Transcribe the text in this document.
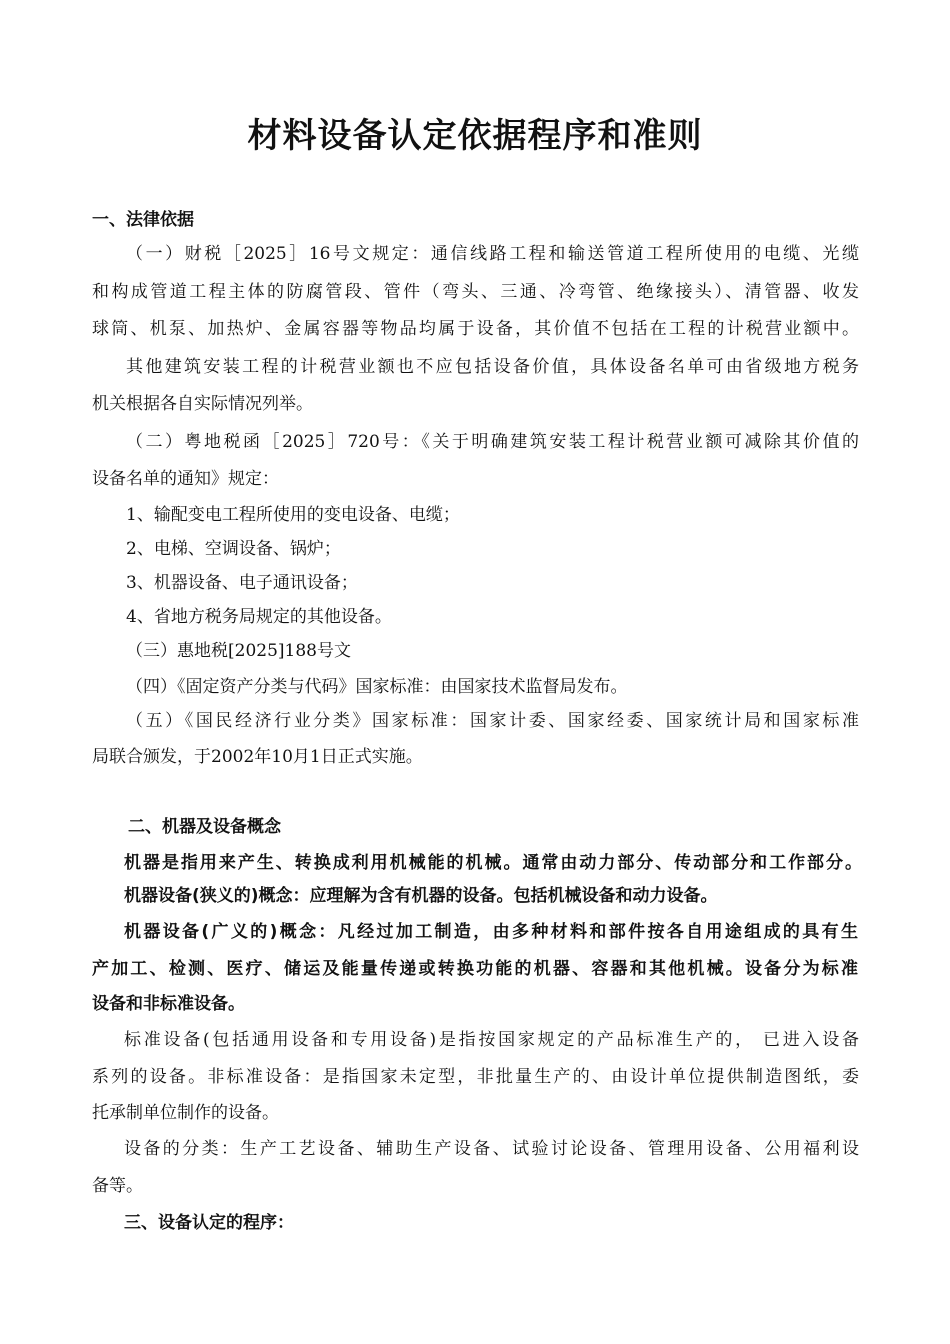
材料设备认定依据程序和准则
一、法律依据
（一）财税［2025］16号文规定：通信线路工程和输送管道工程所使用的电缆、光缆
和构成管道工程主体的防腐管段、管件（弯头、三通、冷弯管、绝缘接头）、清管器、收发
球筒、机泵、加热炉、金属容器等物品均属于设备，其价值不包括在工程的计税营业额中。
其他建筑安装工程的计税营业额也不应包括设备价值，具体设备名单可由省级地方税务
机关根据各自实际情况列举。
（二）粤地税函［2025］720号：《关于明确建筑安装工程计税营业额可减除其价值的
设备名单的通知》规定：
1、输配变电工程所使用的变电设备、电缆；
2、电梯、空调设备、锅炉；
3、机器设备、电子通讯设备；
4、省地方税务局规定的其他设备。
（三）惠地税[2025]188号文
（四）《固定资产分类与代码》国家标准：由国家技术监督局发布。
（五）《国民经济行业分类》国家标准：国家计委、国家经委、国家统计局和国家标准
局联合颁发，于2002年10月1日正式实施。
二、机器及设备概念
机器是指用来产生、转换成利用机械能的机械。通常由动力部分、传动部分和工作部分。
机器设备(狭义的)概念：应理解为含有机器的设备。包括机械设备和动力设备。
机器设备(广义的)概念：凡经过加工制造，由多种材料和部件按各自用途组成的具有生
产加工、检测、医疗、储运及能量传递或转换功能的机器、容器和其他机械。设备分为标准
设备和非标准设备。
标准设备(包括通用设备和专用设备)是指按国家规定的产品标准生产的， 已进入设备
系列的设备。非标准设备：是指国家未定型，非批量生产的、由设计单位提供制造图纸，委
托承制单位制作的设备。
设备的分类：生产工艺设备、辅助生产设备、试验讨论设备、管理用设备、公用福利设
备等。
三、设备认定的程序：
